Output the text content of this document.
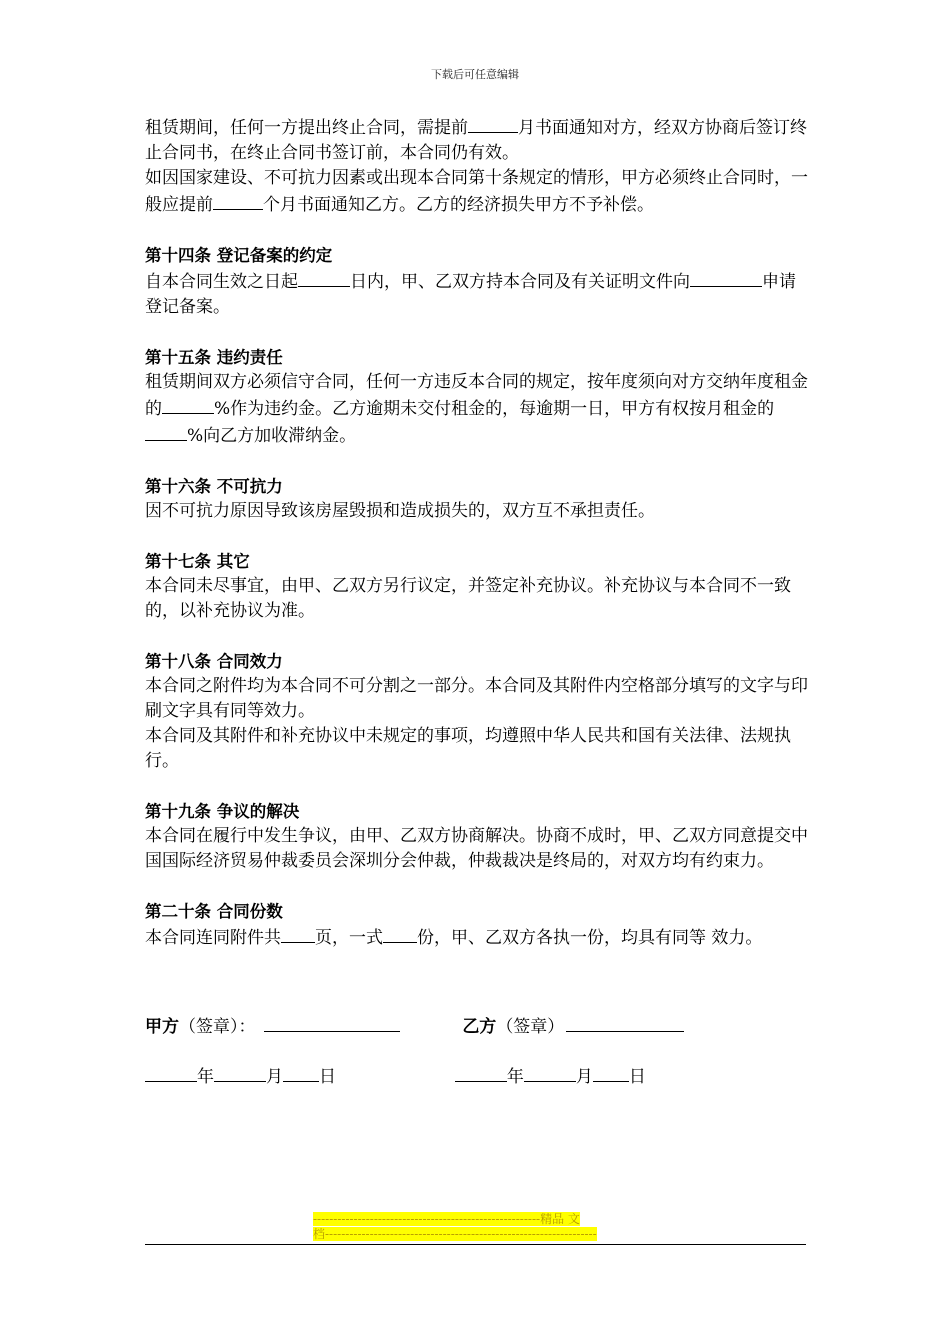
下载后可任意编辑

租赁期间，任何一方提出终止合同，需提前	月书面通知对方，经双方协商后签订终止合同书，在终止合同书签订前，本合同仍有效。

如因国家建设、不可抗力因素或出现本合同第十条规定的情形，甲方必须终止合同时，一般应提前	个月书面通知乙方。乙方的经济损失甲方不予补偿。

第十四条 登记备案的约定

自本合同生效之日起	日内，甲、乙双方持本合同及有关证明文件向	申请登记备案。

第十五条 违约责任

租赁期间双方必须信守合同，任何一方违反本合同的规定，按年度须向对方交纳年度租金的	%作为违约金。乙方逾期未交付租金的，每逾期一日，甲方有权按月租金的%向乙方加收滞纳金。

第十六条 不可抗力

因不可抗力原因导致该房屋毁损和造成损失的，双方互不承担责任。

第十七条 其它

本合同未尽事宜，由甲、乙双方另行议定，并签定补充协议。补充协议与本合同不一致的，以补充协议为准。

第十八条 合同效力

本合同之附件均为本合同不可分割之一部分。本合同及其附件内空格部分填写的文字与印刷文字具有同等效力。

本合同及其附件和补充协议中未规定的事项，均遵照中华人民共和国有关法律、法规执行。

第十九条 争议的解决

本合同在履行中发生争议，由甲、乙双方协商解决。协商不成时，甲、乙双方同意提交中国国际经济贸易仲裁委员会深圳分会仲裁，仲裁裁决是终局的，对双方均有约束力。

第二十条 合同份数

本合同连同附件共 页，一式 份，甲、乙双方各执一份，均具有同等 效力。

甲方（签章）：	乙方（签章）
年	月 日	年	月 日
--------------------------------------------------------精品 文
档-------------------------------------------------------------------
